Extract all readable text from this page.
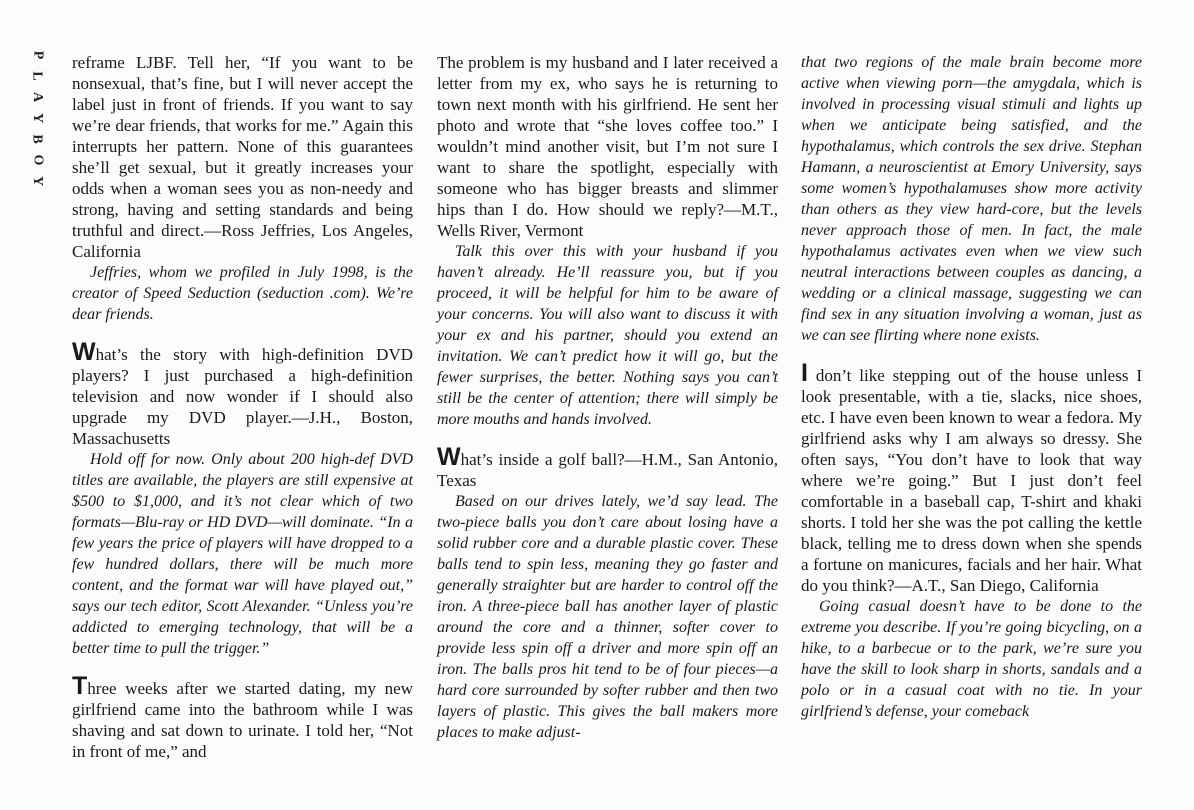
P
L
A
Y
B
O
Y

reframe LJBF. Tell her, “If you want to be nonsexual, that’s fine, but I will never accept the label just in front of friends. If you want to say we’re dear friends, that works for me.” Again this interrupts her pattern. None of this guarantees she’ll get sexual, but it greatly increases your odds when a woman sees you as non-needy and strong, having and setting standards and being truthful and direct.—Ross Jeffries, Los Angeles, California

Jeffries, whom we profiled in July 1998, is the creator of Speed Seduction (seduction .com). We’re dear friends.

What’s the story with high-definition DVD players? I just purchased a high-definition television and now wonder if I should also upgrade my DVD player.—J.H., Boston, Massachusetts

Hold off for now. Only about 200 high-def DVD titles are available, the players are still expensive at $500 to $1,000, and it’s not clear which of two formats—Blu-ray or HD DVD—will dominate. “In a few years the price of players will have dropped to a few hundred dollars, there will be much more content, and the format war will have played out,” says our tech editor, Scott Alexander. “Unless you’re addicted to emerging technology, that will be a better time to pull the trigger.”

Three weeks after we started dating, my new girlfriend came into the bathroom while I was shaving and sat down to urinate. I told her, “Not in front of me,” and

The problem is my husband and I later received a letter from my ex, who says he is returning to town next month with his girlfriend. He sent her photo and wrote that “she loves coffee too.” I wouldn’t mind another visit, but I’m not sure I want to share the spotlight, especially with someone who has bigger breasts and slimmer hips than I do. How should we reply?—M.T., Wells River, Vermont

Talk this over this with your husband if you haven’t already. He’ll reassure you, but if you proceed, it will be helpful for him to be aware of your concerns. You will also want to discuss it with your ex and his partner, should you extend an invitation. We can’t predict how it will go, but the fewer surprises, the better. Nothing says you can’t still be the center of attention; there will simply be more mouths and hands involved.

What’s inside a golf ball?—H.M., San Antonio, Texas

Based on our drives lately, we’d say lead. The two-piece balls you don’t care about losing have a solid rubber core and a durable plastic cover. These balls tend to spin less, meaning they go faster and generally straighter but are harder to control off the iron. A three-piece ball has another layer of plastic around the core and a thinner, softer cover to provide less spin off a driver and more spin off an iron. The balls pros hit tend to be of four pieces—a hard core surrounded by softer rubber and then two layers of plastic. This gives the ball makers more places to make adjust-

that two regions of the male brain become more active when viewing porn—the amygdala, which is involved in processing visual stimuli and lights up when we anticipate being satisfied, and the hypothalamus, which controls the sex drive. Stephan Hamann, a neuroscientist at Emory University, says some women’s hypothalamuses show more activity than others as they view hard-core, but the levels never approach those of men. In fact, the male hypothalamus activates even when we view such neutral interactions between couples as dancing, a wedding or a clinical massage, suggesting we can find sex in any situation involving a woman, just as we can see flirting where none exists.

I don’t like stepping out of the house unless I look presentable, with a tie, slacks, nice shoes, etc. I have even been known to wear a fedora. My girlfriend asks why I am always so dressy. She often says, “You don’t have to look that way where we’re going.” But I just don’t feel comfortable in a baseball cap, T-shirt and khaki shorts. I told her she was the pot calling the kettle black, telling me to dress down when she spends a fortune on manicures, facials and her hair. What do you think?—A.T., San Diego, California

Going casual doesn’t have to be done to the extreme you describe. If you’re going bicycling, on a hike, to a barbecue or to the park, we’re sure you have the skill to look sharp in shorts, sandals and a polo or in a casual coat with no tie. In your girlfriend’s defense, your comeback
